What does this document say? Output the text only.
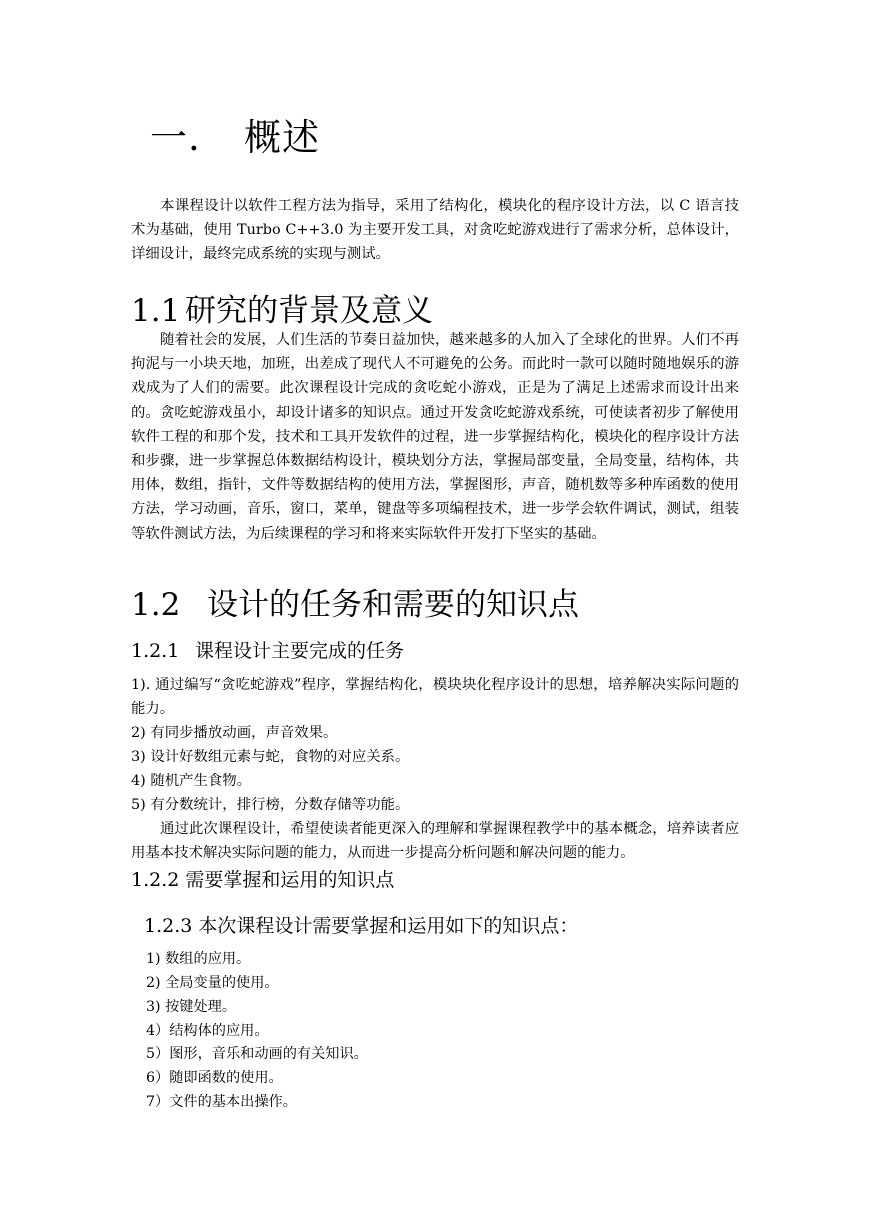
一. 概述

本课程设计以软件工程方法为指导，采用了结构化，模块化的程序设计方法，以 C 语言技术为基础，使用 Turbo C++3.0 为主要开发工具，对贪吃蛇游戏进行了需求分析，总体设计，详细设计，最终完成系统的实现与测试。

1.1 研究的背景及意义

随着社会的发展，人们生活的节奏日益加快，越来越多的人加入了全球化的世界。人们不再拘泥与一小块天地，加班，出差成了现代人不可避免的公务。而此时一款可以随时随地娱乐的游戏成为了人们的需要。此次课程设计完成的贪吃蛇小游戏，正是为了满足上述需求而设计出来的。贪吃蛇游戏虽小，却设计诸多的知识点。通过开发贪吃蛇游戏系统，可使读者初步了解使用软件工程的和那个发，技术和工具开发软件的过程，进一步掌握结构化，模块化的程序设计方法和步骤，进一步掌握总体数据结构设计，模块划分方法，掌握局部变量，全局变量，结构体，共用体，数组，指针，文件等数据结构的使用方法，掌握图形，声音，随机数等多种库函数的使用方法，学习动画，音乐，窗口，菜单，键盘等多项编程技术，进一步学会软件调试，测试，组装等软件测试方法，为后续课程的学习和将来实际软件开发打下坚实的基础。

1.2 设计的任务和需要的知识点
1.2.1 课程设计主要完成的任务
1). 通过编写“贪吃蛇游戏”程序，掌握结构化，模块块化程序设计的思想，培养解决实际问题的能力。
2) 有同步播放动画，声音效果。
3) 设计好数组元素与蛇，食物的对应关系。
4) 随机产生食物。
5) 有分数统计，排行榜，分数存储等功能。

通过此次课程设计，希望使读者能更深入的理解和掌握课程教学中的基本概念，培养读者应用基本技术解决实际问题的能力，从而进一步提高分析问题和解决问题的能力。

1.2.2 需要掌握和运用的知识点
1.2.3 本次课程设计需要掌握和运用如下的知识点：
1) 数组的应用。
2) 全局变量的使用。
3) 按键处理。
4）结构体的应用。
5）图形，音乐和动画的有关知识。
6）随即函数的使用。
7）文件的基本出操作。
